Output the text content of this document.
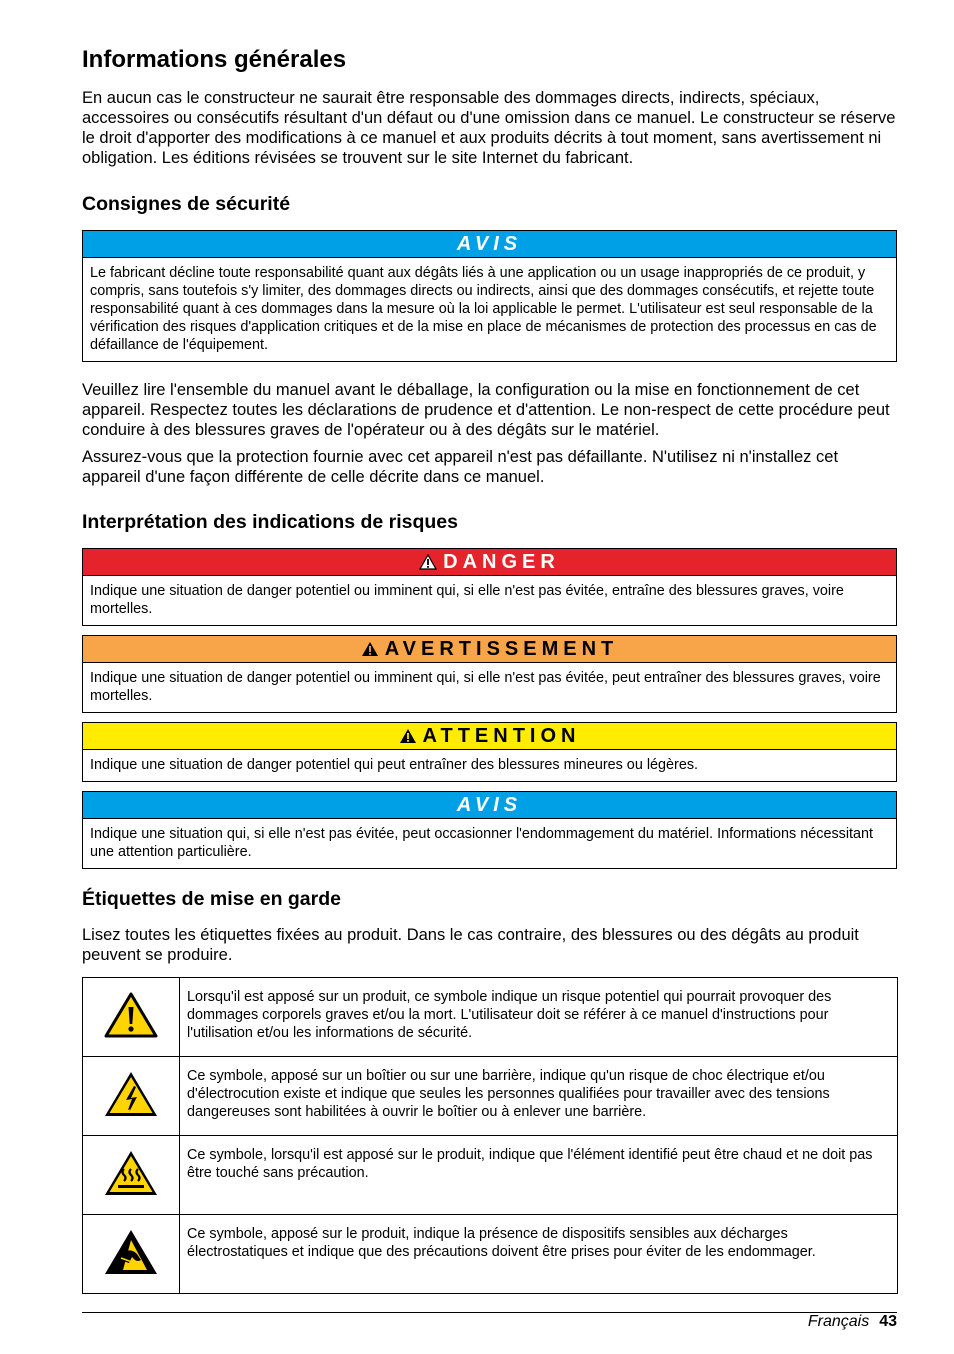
Informations générales

En aucun cas le constructeur ne saurait être responsable des dommages directs, indirects, spéciaux, accessoires ou consécutifs résultant d'un défaut ou d'une omission dans ce manuel. Le constructeur se réserve le droit d'apporter des modifications à ce manuel et aux produits décrits à tout moment, sans avertissement ni obligation. Les éditions révisées se trouvent sur le site Internet du fabricant.

Consignes de sécurité
AVIS
Le fabricant décline toute responsabilité quant aux dégâts liés à une application ou un usage inappropriés de ce produit, y compris, sans toutefois s'y limiter, des dommages directs ou indirects, ainsi que des dommages consécutifs, et rejette toute responsabilité quant à ces dommages dans la mesure où la loi applicable le permet. L'utilisateur est seul responsable de la vérification des risques d'application critiques et de la mise en place de mécanismes de protection des processus en cas de défaillance de l'équipement.

Veuillez lire l'ensemble du manuel avant le déballage, la configuration ou la mise en fonctionnement de cet appareil. Respectez toutes les déclarations de prudence et d'attention. Le non-respect de cette procédure peut conduire à des blessures graves de l'opérateur ou à des dégâts sur le matériel.

Assurez-vous que la protection fournie avec cet appareil n'est pas défaillante. N'utilisez ni n'installez cet appareil d'une façon différente de celle décrite dans ce manuel.

Interprétation des indications de risques
DANGER
Indique une situation de danger potentiel ou imminent qui, si elle n'est pas évitée, entraîne des blessures graves, voire mortelles.
AVERTISSEMENT
Indique une situation de danger potentiel ou imminent qui, si elle n'est pas évitée, peut entraîner des blessures graves, voire mortelles.
ATTENTION
Indique une situation de danger potentiel qui peut entraîner des blessures mineures ou légères.
AVIS
Indique une situation qui, si elle n'est pas évitée, peut occasionner l'endommagement du matériel. Informations nécessitant une attention particulière.
Étiquettes de mise en garde

Lisez toutes les étiquettes fixées au produit. Dans le cas contraire, des blessures ou des dégâts au produit peuvent se produire.

	Lorsqu'il est apposé sur un produit, ce symbole indique un risque potentiel qui pourrait provoquer des dommages corporels graves et/ou la mort. L'utilisateur doit se référer à ce manuel d'instructions pour l'utilisation et/ou les informations de sécurité.
	Ce symbole, apposé sur un boîtier ou sur une barrière, indique qu'un risque de choc électrique et/ou d'électrocution existe et indique que seules les personnes qualifiées pour travailler avec des tensions dangereuses sont habilitées à ouvrir le boîtier ou à enlever une barrière.
	Ce symbole, lorsqu'il est apposé sur le produit, indique que l'élément identifié peut être chaud et ne doit pas être touché sans précaution.
	Ce symbole, apposé sur le produit, indique la présence de dispositifs sensibles aux décharges électrostatiques et indique que des précautions doivent être prises pour éviter de les endommager.
Français 43
